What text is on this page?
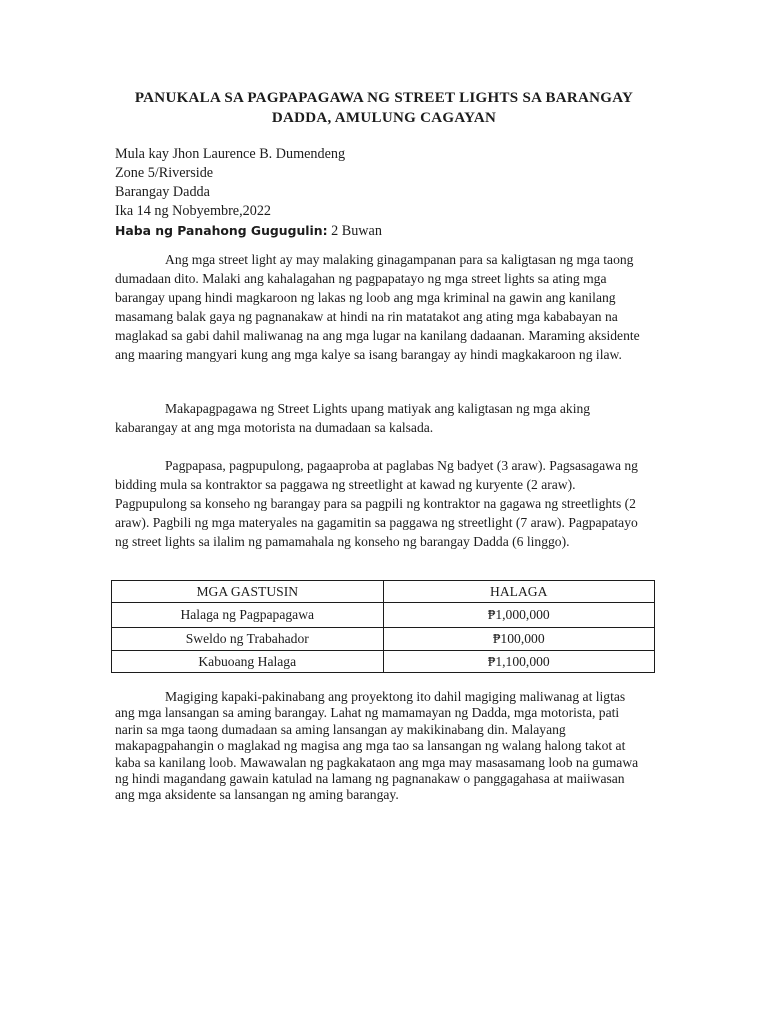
PANUKALA SA PAGPAPAGAWA NG STREET LIGHTS SA BARANGAY
DADDA, AMULUNG CAGAYAN
Mula kay Jhon Laurence B. Dumendeng
Zone 5/Riverside
Barangay Dadda
Ika 14 ng Nobyembre,2022
Haba ng Panahong Gugugulin: 2 Buwan

Ang mga street light ay may malaking ginagampanan para sa kaligtasan ng mga taong dumadaan dito. Malaki ang kahalagahan ng pagpapatayo ng mga street lights sa ating mga barangay upang hindi magkaroon ng lakas ng loob ang mga kriminal na gawin ang kanilang masamang balak gaya ng pagnanakaw at hindi na rin matatakot ang ating mga kababayan na maglakad sa gabi dahil maliwanag na ang mga lugar na kanilang dadaanan. Maraming aksidente ang maaring mangyari kung ang mga kalye sa isang barangay ay hindi magkakaroon ng ilaw.

Makapagpagawa ng Street Lights upang matiyak ang kaligtasan ng mga aking kabarangay at ang mga motorista na dumadaan sa kalsada.

Pagpapasa, pagpupulong, pagaaproba at paglabas Ng badyet (3 araw). Pagsasagawa ng bidding mula sa kontraktor sa paggawa ng streetlight at kawad ng kuryente (2 araw). Pagpupulong sa konseho ng barangay para sa pagpili ng kontraktor na gagawa ng streetlights (2 araw). Pagbili ng mga materyales na gagamitin sa paggawa ng streetlight (7 araw). Pagpapatayo ng street lights sa ilalim ng pamamahala ng konseho ng barangay Dadda (6 linggo).

MGA GASTUSIN	HALAGA
Halaga ng Pagpapagawa	₱1,000,000
Sweldo ng Trabahador	₱100,000
Kabuoang Halaga	₱1,100,000

Magiging kapaki-pakinabang ang proyektong ito dahil magiging maliwanag at ligtas ang mga lansangan sa aming barangay. Lahat ng mamamayan ng Dadda, mga motorista, pati narin sa mga taong dumadaan sa aming lansangan ay makikinabang din. Malayang makapagpahangin o maglakad ng magisa ang mga tao sa lansangan ng walang halong takot at kaba sa kanilang loob. Mawawalan ng pagkakataon ang mga may masasamang loob na gumawa ng hindi magandang gawain katulad na lamang ng pagnanakaw o panggagahasa at maiiwasan ang mga aksidente sa lansangan ng aming barangay.
